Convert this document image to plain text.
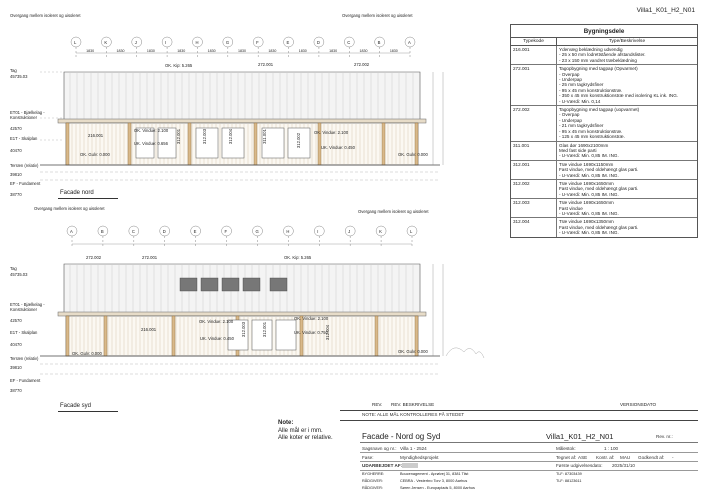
Villa1_K01_H2_N01
Overgang mellem isoleret og uisoleret	Overgang mellem isoleret og uisoleret
L	K	J	I	H	G	F	E	D	C	B	A
1830	1830	1830	1830	1830	1830	1830	1830	1830	1830	1830
Tag
45735.03
ET01 - Bjælkelag - Konstruktioner
42570
E1T - Skalplan
40470
Terræn (relativ)
39810
EF - Fundament
38770
216.001
OK. Vindue: 2.100
UK. Vindue: 0.656 312.001	312.003	312.004	311.001	OK. Vindue: 2.100
UK. Vindue: 0.450
312.002
272.001	272.002
OK. Kip: 5.265
OK. Gulv: 0.000	OK. Gulv: 0.000
Facade nord
Overgang mellem isoleret og uisoleret
Overgang mellem isoleret og uisoleret
A	B	C	D	E	F	G	H	I	J	K	L
Tag
45735.03
ET01 - Bjælkelag - Konstruktioner
42570
E1T - Skalplan
40470
Terræn (relativ)
39810
EF - Fundament
38770
272.002	272.001	OK. Kip: 5.265
216.001
OK. Vindue: 2.100
UK. Vindue: 0.450
312.003	312.001
OK. Vindue: 2.100
UK. Vindue: 0.750
312.004
OK. Gulv: 0.000	OK. Gulv: 0.000
Facade syd
Bygningsdele
Typekode	Type/Beskrivelse
216.001	Ydervæg beklædning udvendig
- 25 x 50 mm lodrettstående afstandslister.
- 23 x 150 mm vandret træbeklædning
272.001	Tagopbygning med tagpap (Opvarmet)
- Overpap
- Underpap
- 25 mm tagkrydsfiner
- 95 x 45 mm konstruktionstræ.
- 350 x 45 mm konstruktionstræ med isolering KL ink. ING.
- U-Værdi: Min. 0,14
272.002	Tagopbygning med tagpap (uopvarmet)
- Overpap
- Underpap
- 21 mm tagkrydsfiner
- 95 x 45 mm konstruktionstræ.
- 125 x 45 mm konstruktionstræ.
311.001	Glas dør 1690x2100mm
Med fast side parti
- U-Værdi: Min. 0,85 IM. ING.
312.001	Træ vindue 1690x1150mm
Fast vindue, med oldehængt glas parti.
- U-Værdi: Min. 0,85 IM. ING.
312.002	Træ vindue 1690x1650mm
Fast vindue, med oldehængt glas parti.
- U-Værdi: Min. 0,85 IM. ING.
312.003	Træ vindue 1690x1650mm
Fast vindue
- U-Værdi: Min. 0,85 IM. ING.
312.004	Træ vindue 1690x1350mm
Fast vindue, med oldehængt glas parti.
- U-Værdi: Min. 0,85 IM. ING.
Note:
Alle mål er i mm.
Alle koter er relative.
REV. REV. BESKRIVELSE	VERSIONSDATO
NOTE: ALLE MÅL KONTROLLERES PÅ STEDET
Facade - Nord og Syd	Villa1_K01_H2_N01	Rev. nr.:
Sagsnavn og nr.: Villa 1 - 2524	Målestok:	1 : 100
Fase:	Myndighedsprojekt	Tegnet af: ASE Kontr. af: MAU Godkendt af: -
UDARBEJDET AF:	Første udgivelsesdato: 2025/31/10
BYGHERRE:	Boucenagement - Aprølvej 31, 8381 Tilst	TLF: 87303439
RÅDGIVER:	CEBRA - Vesterbro Torv 3, 8000 Aarhus	TLF: 88123611
RÅDGIVER:	Søren Jensen - Europaplads 5, 8000 Aarhus
